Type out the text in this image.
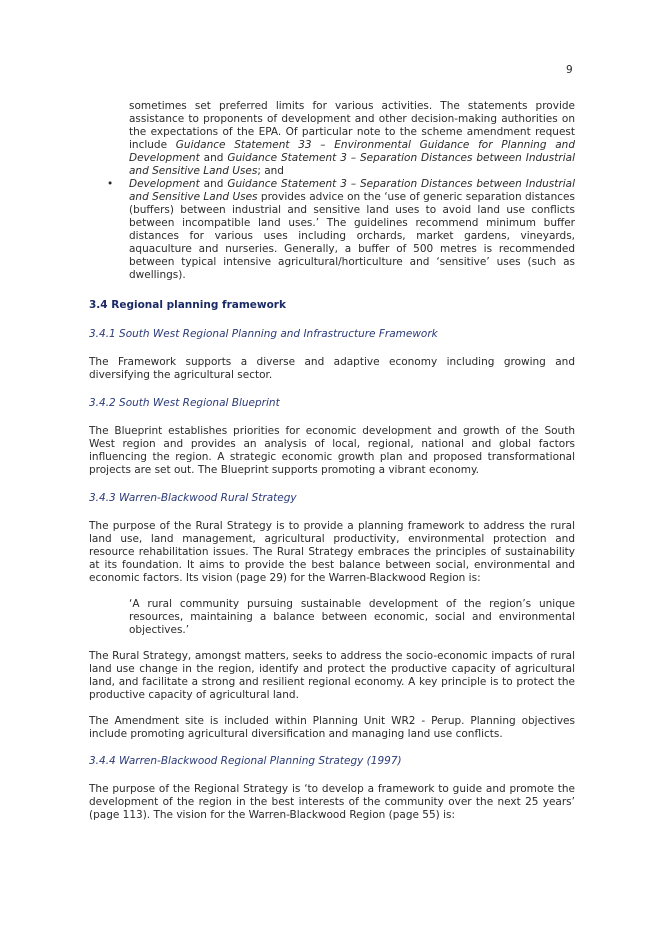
9

sometimes set preferred limits for various activities. The statements provide assistance to proponents of development and other decision-making authorities on the expectations of the EPA. Of particular note to the scheme amendment request include Guidance Statement 33 – Environmental Guidance for Planning and Development and Guidance Statement 3 – Separation Distances between Industrial and Sensitive Land Uses; and

• Development and Guidance Statement 3 – Separation Distances between Industrial and Sensitive Land Uses provides advice on the ‘use of generic separation distances (buffers) between industrial and sensitive land uses to avoid land use conflicts between incompatible land uses.’ The guidelines recommend minimum buffer distances for various uses including orchards, market gardens, vineyards, aquaculture and nurseries. Generally, a buffer of 500 metres is recommended between typical intensive agricultural/horticulture and ‘sensitive’ uses (such as dwellings).

3.4 Regional planning framework
3.4.1 South West Regional Planning and Infrastructure Framework

The Framework supports a diverse and adaptive economy including growing and diversifying the agricultural sector.

3.4.2 South West Regional Blueprint

The Blueprint establishes priorities for economic development and growth of the South West region and provides an analysis of local, regional, national and global factors influencing the region. A strategic economic growth plan and proposed transformational projects are set out. The Blueprint supports promoting a vibrant economy.

3.4.3 Warren-Blackwood Rural Strategy

The purpose of the Rural Strategy is to provide a planning framework to address the rural land use, land management, agricultural productivity, environmental protection and resource rehabilitation issues. The Rural Strategy embraces the principles of sustainability at its foundation. It aims to provide the best balance between social, environmental and economic factors. Its vision (page 29) for the Warren-Blackwood Region is:

‘A rural community pursuing sustainable development of the region’s unique resources, maintaining a balance between economic, social and environmental objectives.’

The Rural Strategy, amongst matters, seeks to address the socio-economic impacts of rural land use change in the region, identify and protect the productive capacity of agricultural land, and facilitate a strong and resilient regional economy. A key principle is to protect the productive capacity of agricultural land.

The Amendment site is included within Planning Unit WR2 - Perup. Planning objectives include promoting agricultural diversification and managing land use conflicts.

3.4.4 Warren-Blackwood Regional Planning Strategy (1997)

The purpose of the Regional Strategy is ‘to develop a framework to guide and promote the development of the region in the best interests of the community over the next 25 years’ (page 113). The vision for the Warren-Blackwood Region (page 55) is:
